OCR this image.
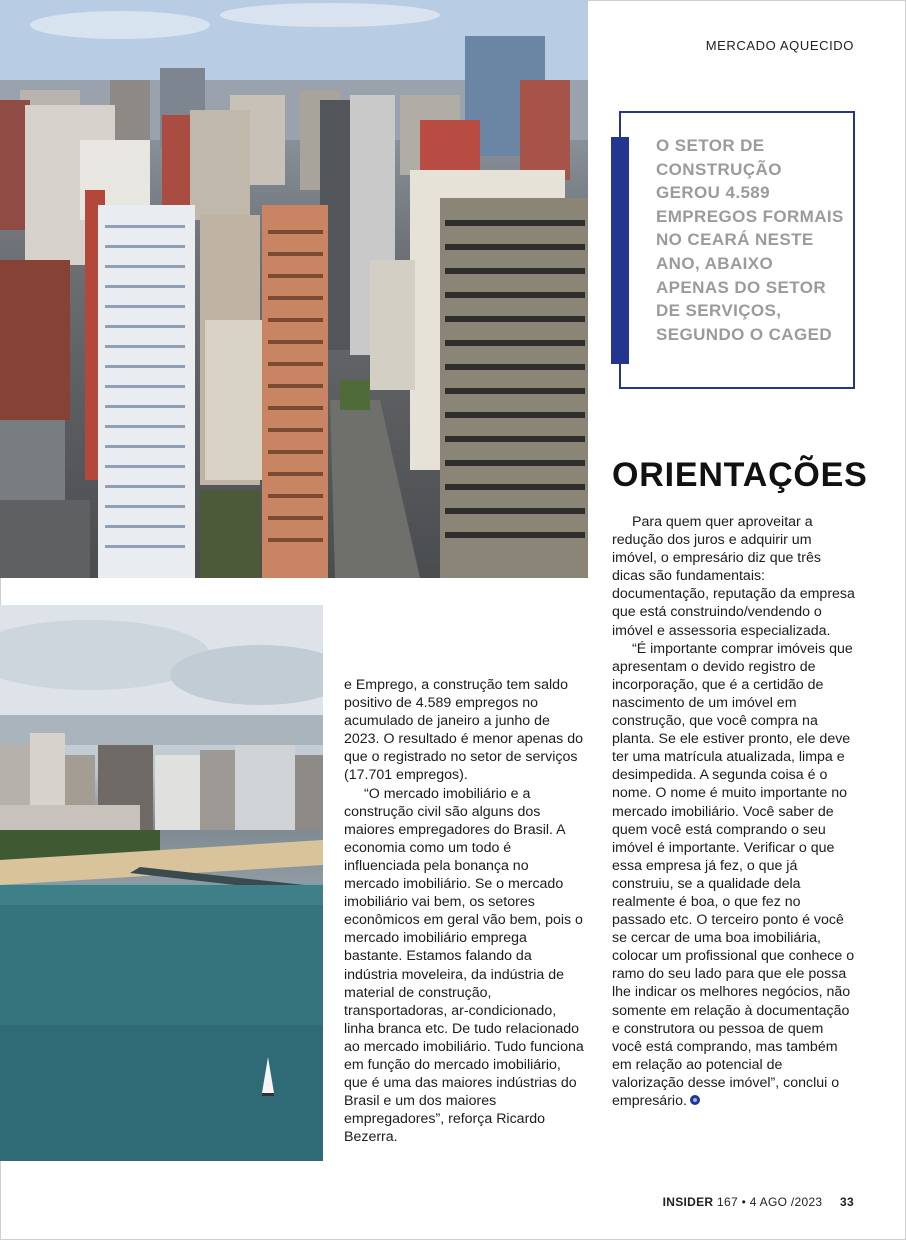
MERCADO AQUECIDO
O SETOR DE CONSTRUÇÃO GEROU 4.589 EMPREGOS FORMAIS NO CEARÁ NESTE ANO, ABAIXO APENAS DO SETOR DE SERVIÇOS, SEGUNDO O CAGED
ORIENTAÇÕES

e Emprego, a construção tem saldo positivo de 4.589 empregos no acumulado de janeiro a junho de 2023. O resultado é menor apenas do que o registrado no setor de serviços (17.701 empregos).

“O mercado imobiliário e a construção civil são alguns dos maiores empregadores do Brasil. A economia como um todo é influenciada pela bonança no mercado imobiliário. Se o mercado imobiliário vai bem, os setores econômicos em geral vão bem, pois o mercado imobiliário emprega bastante. Estamos falando da indústria moveleira, da indústria de material de construção, transportadoras, ar-condicionado, linha branca etc. De tudo relacionado ao mercado imobiliário. Tudo funciona em função do mercado imobiliário, que é uma das maiores indústrias do Brasil e um dos maiores empregadores”, reforça Ricardo Bezerra.

Para quem quer aproveitar a redução dos juros e adquirir um imóvel, o empresário diz que três dicas são fundamentais: documentação, reputação da empresa que está construindo/vendendo o imóvel e assessoria especializada.

“É importante comprar imóveis que apresentam o devido registro de incorporação, que é a certidão de nascimento de um imóvel em construção, que você compra na planta. Se ele estiver pronto, ele deve ter uma matrícula atualizada, limpa e desimpedida. A segunda coisa é o nome. O nome é muito importante no mercado imobiliário. Você saber de quem você está comprando o seu imóvel é importante. Verificar o que essa empresa já fez, o que já construiu, se a qualidade dela realmente é boa, o que fez no passado etc. O terceiro ponto é você se cercar de uma boa imobiliária, colocar um profissional que conhece o ramo do seu lado para que ele possa lhe indicar os melhores negócios, não somente em relação à documentação e construtora ou pessoa de quem você está comprando, mas também em relação ao potencial de valorização desse imóvel”, conclui o empresário.

INSIDER 167 • 4 AGO /2023 33
